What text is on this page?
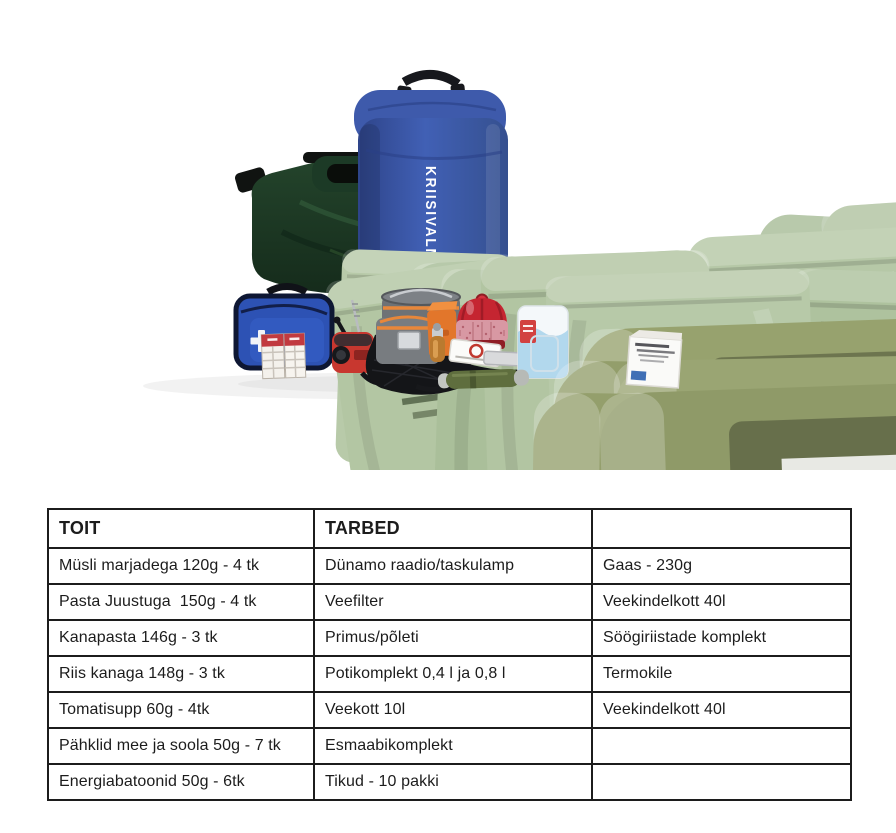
TOIT	TARBED	
Müsli marjadega 120g - 4 tk	Dünamo raadio/taskulamp	Gaas - 230g
Pasta Juustuga  150g - 4 tk	Veefilter	Veekindelkott 40l
Kanapasta 146g - 3 tk	Primus/põleti	Söögiriistade komplekt
Riis kanaga 148g - 3 tk	Potikomplekt 0,4 l ja 0,8 l	Termokile
Tomatisupp 60g - 4tk	Veekott 10l	Veekindelkott 40l
Pähklid mee ja soola 50g - 7 tk	Esmaabikomplekt	
Energiabatoonid 50g - 6tk	Tikud - 10 pakki	
